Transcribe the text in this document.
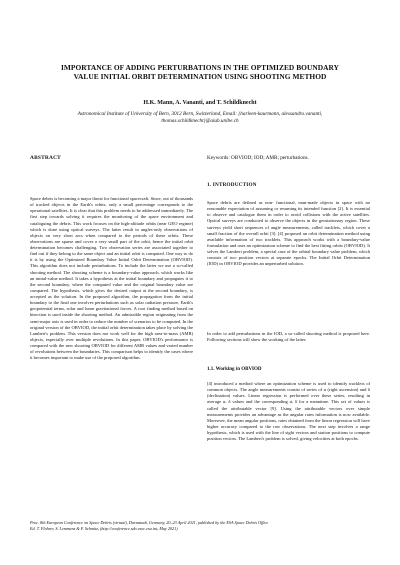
IMPORTANCE OF ADDING PERTURBATIONS IN THE OPTIMIZED BOUNDARY
VALUE INITIAL ORBIT DETERMINATION USING SHOOTING METHOD
H.K. Mann, A. Vananti, and T. Schildknecht
Astronomical Institute of University of Bern, 3012 Bern, Switzerland, Email: {harleen-kaurmann, alessandro.vananti,
thomas.schildknecht}@aiub.unibe.ch
ABSTRACT	Keywords: OBVIOD; IOD; AMR; perturbations.

Space debris is becoming a major threat for functional spacecraft. Since, out of thousands of tracked objects in the Earth's orbits, only a small percentage corresponds to the operational satellites. It is clear that this problem needs to be addressed immediately. The first step towards solving it requires the monitoring of the space environment and cataloguing the debris. This work focuses on the high-altitude orbits (near GEO regime) which is done using optical surveys. The latter result in angles-only observations of objects on very short arcs when compared to the periods of these orbits. These observations are sparse and cover a very small part of the orbit, hence the initial orbit determination becomes challenging. Two observation series are associated together to find out if they belong to the same object and an initial orbit is computed. One way to do it is by using the Optimized Boundary Value Initial Orbit Determination (OBVIOD). This algorithm does not include perturbations. To include the latter we use a so-called shooting method. The shooting scheme is a boundary-value approach, which works like an initial-value method. It takes a hypothesis at the initial boundary and propagates it to the second boundary, where the computed value and the original boundary value are compared. The hypothesis, which gives the desired output at the second boundary, is accepted as the solution. In the proposed algorithm, the propagation from the initial boundary to the final one involves perturbations such as solar radiation pressure, Earth's geopotential terms, solar and lunar gravitational forces. A root finding method based on bisection is used inside the shooting method. An admissible region originating from the semi-major axis is used in order to reduce the number of scenarios to be computed. In the original version of the OBVIOD, the initial orbit determination takes place by solving the Lambert's problem. This version does not work well for the high area-to-mass (AMR) objects, especially over multiple revolutions. In this paper, OBVIOD's performance is compared with the new shooting OBVIOD for different AMR values and varied number of revolutions between the boundaries. This comparison helps to identify the cases where it becomes important to make use of the proposed algorithm.

1. INTRODUCTION

Space debris are defined as non- functional, man-made objects in space with no reasonable expectation of assuming or resuming its intended function [2]. It is essential to observe and catalogue them in order to avoid collisions with the active satellites. Optical surveys are conducted to observe the objects in the geostationary region. These surveys yield short sequences of angle measurements, called tracklets, which cover a small fraction of the overall orbit [3]. [4] proposed an orbit determination method using available information of two tracklets. This approach works with a boundary-value formulation and uses an optimization scheme to find the best fitting orbits (OBVIOD). It solves the Lambert problem, a special case of the orbital boundary value problem, which consists of two position vectors at separate epochs. The Initial Orbit Determination (IOD) in OBVIOD provides an unperturbed solution.

In order to add perturbations in the IOD, a so-called shooting method is proposed here. Following sections will show the working of the latter.

1.1. Working in OBVIOD

[4] introduced a method where an optimization scheme is used to identify tracklets of common objects. The angle measurements consist of series of α (right ascension) and δ (declination) values. Linear regression is performed over these series, resulting in average α, δ values and the corresponding α̇, δ̇ for a meantime. This set of values is called the attributable vector [9]. Using the attributable vectors over simple measurements provides an advantage as the angular rates information is now available. Moreover, the mean angular positions, rates obtained from the linear regression will have higher accuracy compared to the raw observations. The next step involves a range hypothesis, which is used with the line of sight vectors and station positions to compute position vectors. The Lambert's problem is solved, giving velocities at both epochs.

Proc. 8th European Conference on Space Debris (virtual), Darmstadt, Germany, 20–23 April 2021, published by the ESA Space Debris Office
Ed. T. Flohrer, S. Lemmens & F. Schmitz, (http://conference.sdo.esoc.esa.int, May 2021)
